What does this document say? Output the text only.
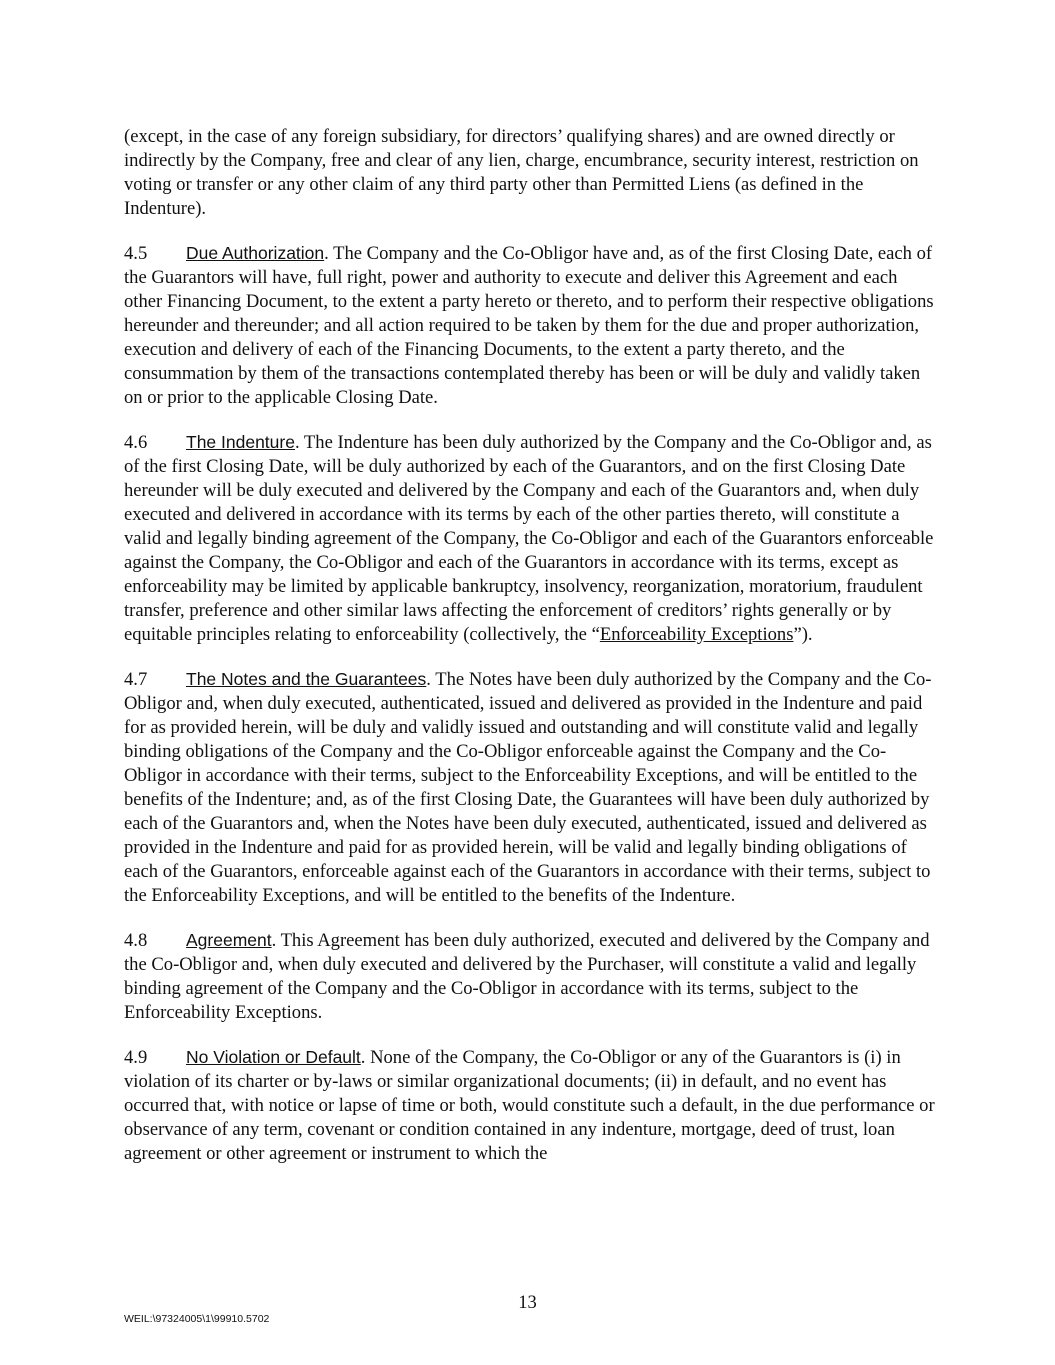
(except, in the case of any foreign subsidiary, for directors’ qualifying shares) and are owned directly or indirectly by the Company, free and clear of any lien, charge, encumbrance, security interest, restriction on voting or transfer or any other claim of any third party other than Permitted Liens (as defined in the Indenture).

4.5 Due Authorization. The Company and the Co-Obligor have and, as of the first Closing Date, each of the Guarantors will have, full right, power and authority to execute and deliver this Agreement and each other Financing Document, to the extent a party hereto or thereto, and to perform their respective obligations hereunder and thereunder; and all action required to be taken by them for the due and proper authorization, execution and delivery of each of the Financing Documents, to the extent a party thereto, and the consummation by them of the transactions contemplated thereby has been or will be duly and validly taken on or prior to the applicable Closing Date.

4.6 The Indenture. The Indenture has been duly authorized by the Company and the Co-Obligor and, as of the first Closing Date, will be duly authorized by each of the Guarantors, and on the first Closing Date hereunder will be duly executed and delivered by the Company and each of the Guarantors and, when duly executed and delivered in accordance with its terms by each of the other parties thereto, will constitute a valid and legally binding agreement of the Company, the Co-Obligor and each of the Guarantors enforceable against the Company, the Co-Obligor and each of the Guarantors in accordance with its terms, except as enforceability may be limited by applicable bankruptcy, insolvency, reorganization, moratorium, fraudulent transfer, preference and other similar laws affecting the enforcement of creditors’ rights generally or by equitable principles relating to enforceability (collectively, the “Enforceability Exceptions”).

4.7 The Notes and the Guarantees. The Notes have been duly authorized by the Company and the Co-Obligor and, when duly executed, authenticated, issued and delivered as provided in the Indenture and paid for as provided herein, will be duly and validly issued and outstanding and will constitute valid and legally binding obligations of the Company and the Co-Obligor enforceable against the Company and the Co-Obligor in accordance with their terms, subject to the Enforceability Exceptions, and will be entitled to the benefits of the Indenture; and, as of the first Closing Date, the Guarantees will have been duly authorized by each of the Guarantors and, when the Notes have been duly executed, authenticated, issued and delivered as provided in the Indenture and paid for as provided herein, will be valid and legally binding obligations of each of the Guarantors, enforceable against each of the Guarantors in accordance with their terms, subject to the Enforceability Exceptions, and will be entitled to the benefits of the Indenture.

4.8 Agreement. This Agreement has been duly authorized, executed and delivered by the Company and the Co-Obligor and, when duly executed and delivered by the Purchaser, will constitute a valid and legally binding agreement of the Company and the Co-Obligor in accordance with its terms, subject to the Enforceability Exceptions.

4.9 No Violation or Default. None of the Company, the Co-Obligor or any of the Guarantors is (i) in violation of its charter or by-laws or similar organizational documents; (ii) in default, and no event has occurred that, with notice or lapse of time or both, would constitute such a default, in the due performance or observance of any term, covenant or condition contained in any indenture, mortgage, deed of trust, loan agreement or other agreement or instrument to which the

13
WEIL:\97324005\1\99910.5702
